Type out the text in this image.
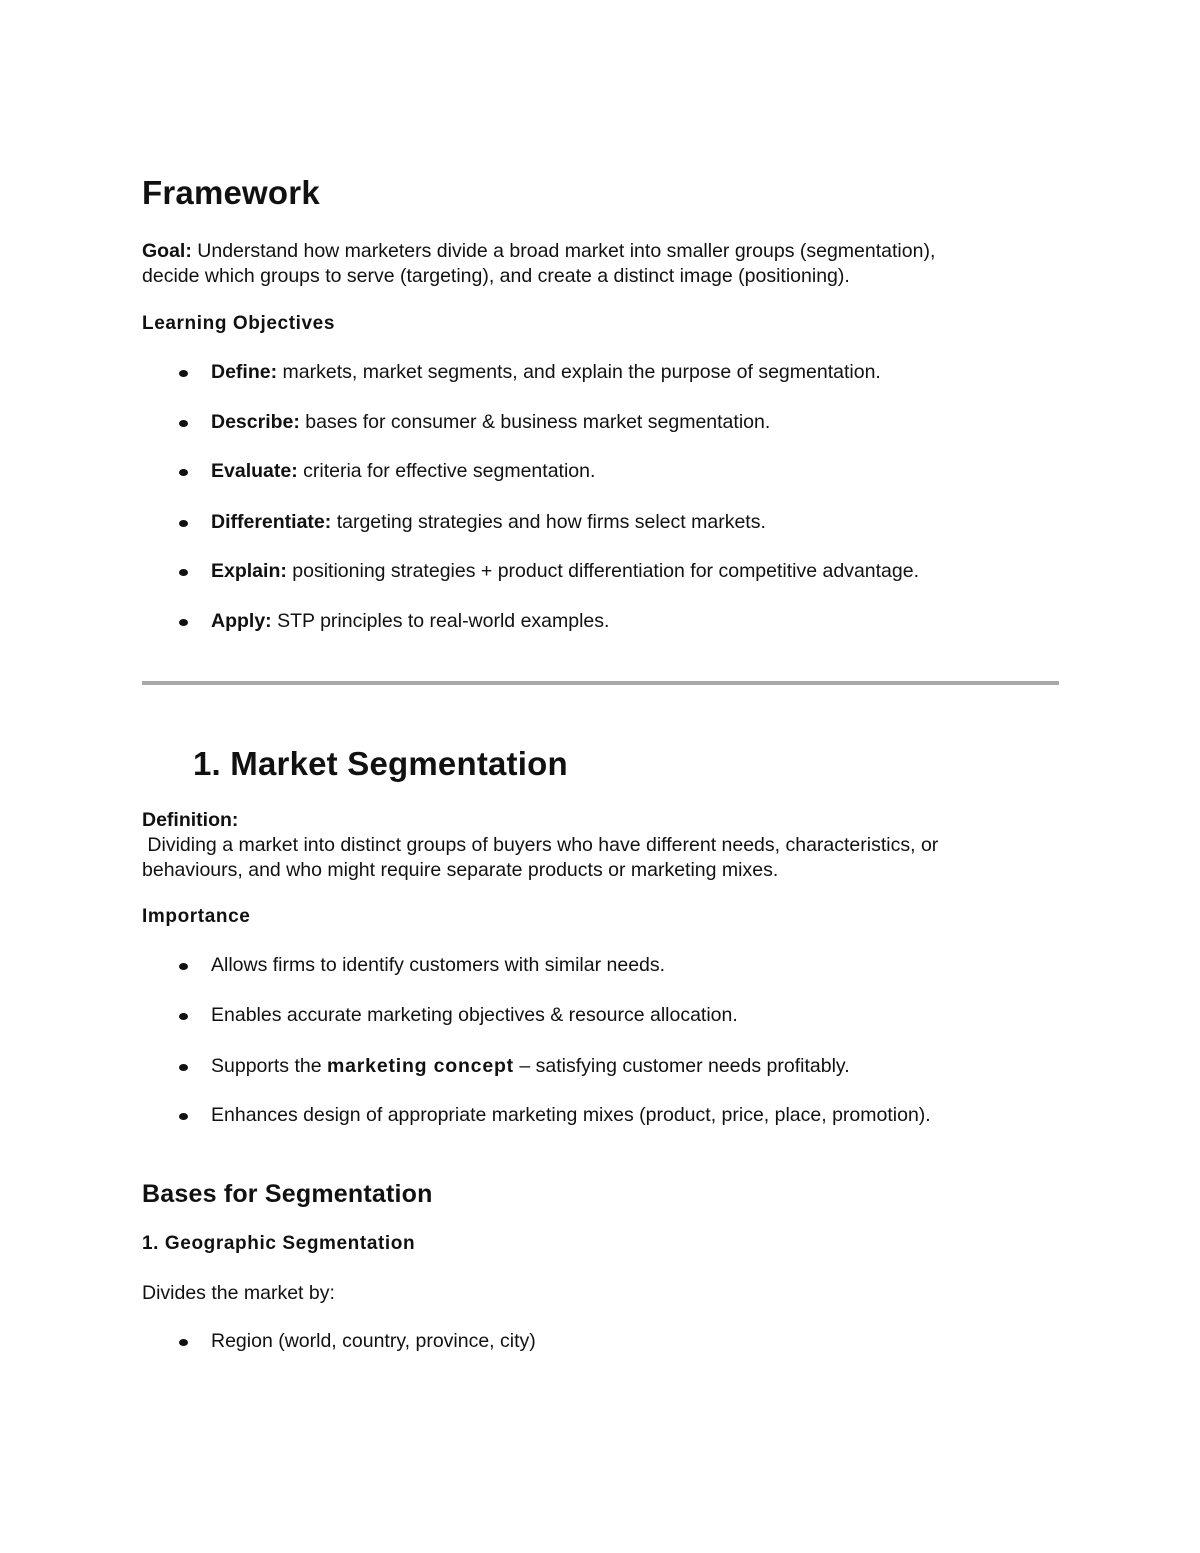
Framework
Goal: Understand how marketers divide a broad market into smaller groups (segmentation),
decide which groups to serve (targeting), and create a distinct image (positioning).
Learning Objectives
Define: markets, market segments, and explain the purpose of segmentation.
Describe: bases for consumer & business market segmentation.
Evaluate: criteria for effective segmentation.
Differentiate: targeting strategies and how firms select markets.
Explain: positioning strategies + product differentiation for competitive advantage.
Apply: STP principles to real-world examples.
1. Market Segmentation
Definition:
Dividing a market into distinct groups of buyers who have different needs, characteristics, or
behaviours, and who might require separate products or marketing mixes.
Importance
Allows firms to identify customers with similar needs.
Enables accurate marketing objectives & resource allocation.
Supports the marketing concept – satisfying customer needs profitably.
Enhances design of appropriate marketing mixes (product, price, place, promotion).
Bases for Segmentation
1. Geographic Segmentation
Divides the market by:
Region (world, country, province, city)
